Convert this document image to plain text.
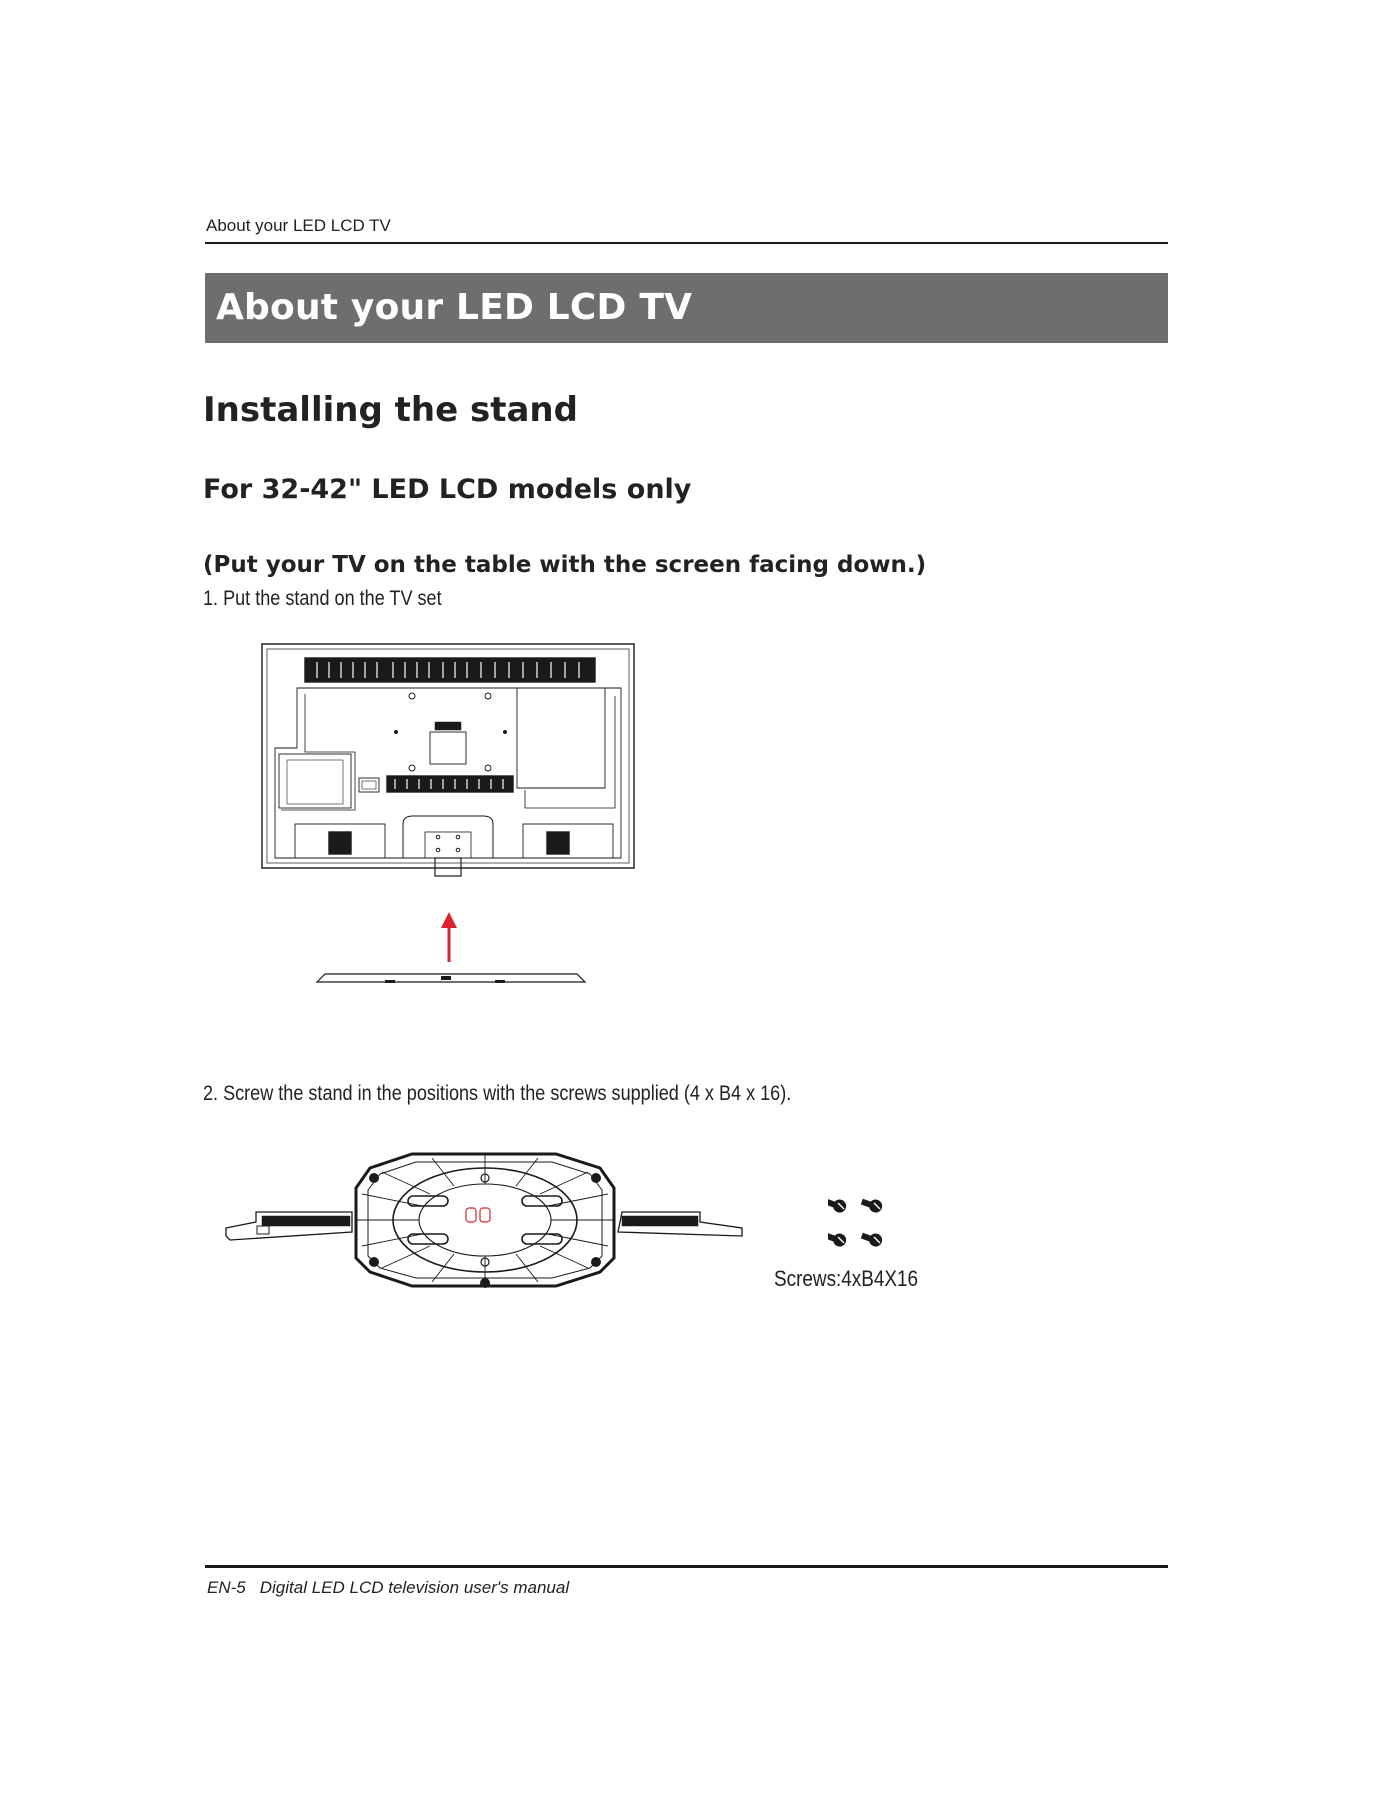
About your LED LCD TV
About your LED LCD TV
Installing the stand
For 32-42" LED LCD models only
(Put your TV on the table with the screen facing down.)
1. Put the stand on the TV set
2. Screw the stand in the positions with the screws supplied (4 x B4 x 16).
Screws:4xB4X16
EN-5 Digital LED LCD television user's manual
